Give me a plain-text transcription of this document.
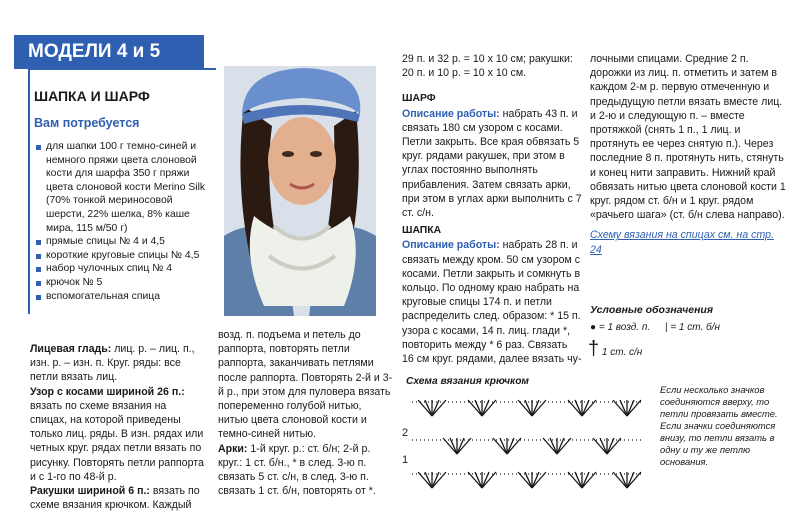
МОДЕЛИ 4 и 5
ШАПКА И ШАРФ
Вам потребуется
для шапки 100 г темно-синей и немного пряжи цвета слоновой кости для шарфа 350 г пряжи цвета слоновой кости Merino Silk (70% тонкой мериносовой шерсти, 22% шелка, 8% каше мира, 115 м/50 г)
прямые спицы № 4 и 4,5
короткие круговые спицы № 4,5
набор чулочных спиц № 4
крючок № 5
вспомогательная спица
Лицевая гладь: лиц. р. – лиц. п., изн. р. – изн. п. Круг. ряды: все петли вязать лиц.
Узор с косами шириной 26 п.: вязать по схеме вязания на спицах, на которой приведены только лиц. ряды. В изн. рядах или четных круг. рядах петли вязать по рисунку. Повторять петли раппорта и с 1-го по 48-й р.
Ракушки шириной 6 п.: вязать по схеме вязания крючком. Каждый
возд. п. подъема и петель до раппорта, повторять петли раппорта, заканчивать петлями после раппорта. Повторять 2-й и 3-й р., при этом для пуловера вязать попеременно голубой нитью, нитью цвета слоновой кости и темно-синей нитью.
Арки: 1-й круг. р.: ст. б/н; 2-й р. круг.: 1 ст. б/н., * в след. 3-ю п. связать 5 ст. с/н, в след. 3-ю п. связать 1 ст. б/н, повторять от *.
29 п. и 32 р. = 10 x 10 см; ракушки:
20 п. и 10 р. = 10 x 10 см.
ШАРФ
Описание работы: набрать 43 п. и связать 180 см узором с косами. Петли закрыть. Все края обвязать 5 круг. рядами ракушек, при этом в углах постоянно выполнять прибавления. Затем связать арки, при этом в углах арки выполнить с 7 ст. с/н.
ШАПКА
Описание работы: набрать 28 п. и связать между кром. 50 см узором с косами. Петли закрыть и сомкнуть в кольцо. По одному краю набрать на круговые спицы 174 п. и петли распределить след. образом: * 15 п. узора с косами, 14 п. лиц. глади *, повторить между * 6 раз. Связать 16 см круг. рядами, далее вязать чу-
лочными спицами. Средние 2 п. дорожки из лиц. п. отметить и затем в каждом 2-м р. первую отмеченную и предыдущую петли вязать вместе лиц. и 2-ю и следующую п. – вместе протяжкой (снять 1 п., 1 лиц. и протянуть ее через снятую п.). Через последние 8 п. протянуть нить, стянуть и конец нити заправить. Нижний край обвязать нитью цвета слоновой кости 1 круг. рядом ст. б/н и 1 круг. рядом «рачьего шага» (ст. б/н слева направо).
Схему вязания на спицах см. на стр. 24
Условные обозначения
● = 1 возд. п. | = 1 ст. б/н
† 1 ст. с/н
Схема вязания крючком
2
1
Если несколько значков соединяются вверху, то петли провязать вместе. Если значки соединяются внизу, то петли вязать в одну и ту же петлю основания.
